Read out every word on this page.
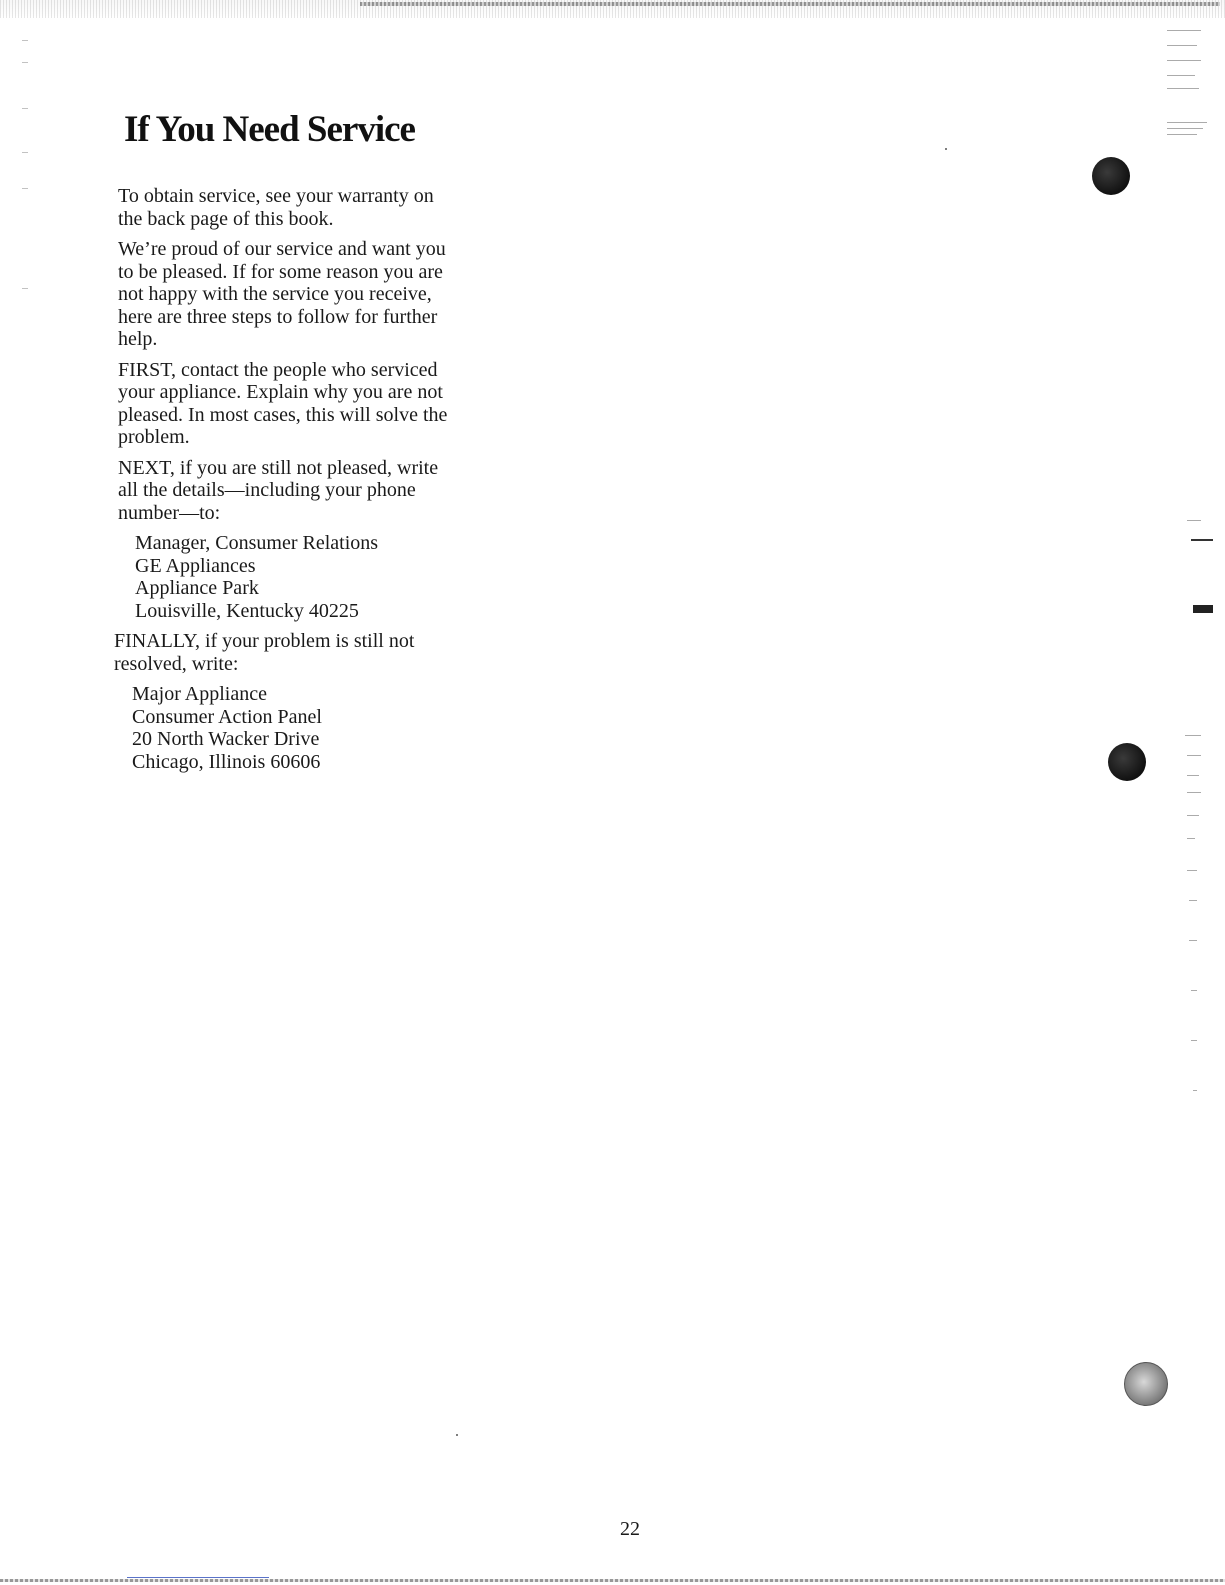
If You Need Service

To obtain service, see your warranty on the back page of this book.

We’re proud of our service and want you to be pleased. If for some reason you are not happy with the service you receive, here are three steps to follow for further help.

FIRST, contact the people who serviced your appliance. Explain why you are not pleased. In most cases, this will solve the problem.

NEXT, if you are still not pleased, write all the details—including your phone number—to:

Manager, Consumer Relations
GE Appliances
Appliance Park
Louisville, Kentucky 40225

FINALLY, if your problem is still not resolved, write:

Major Appliance
Consumer Action Panel
20 North Wacker Drive
Chicago, Illinois 60606
22
